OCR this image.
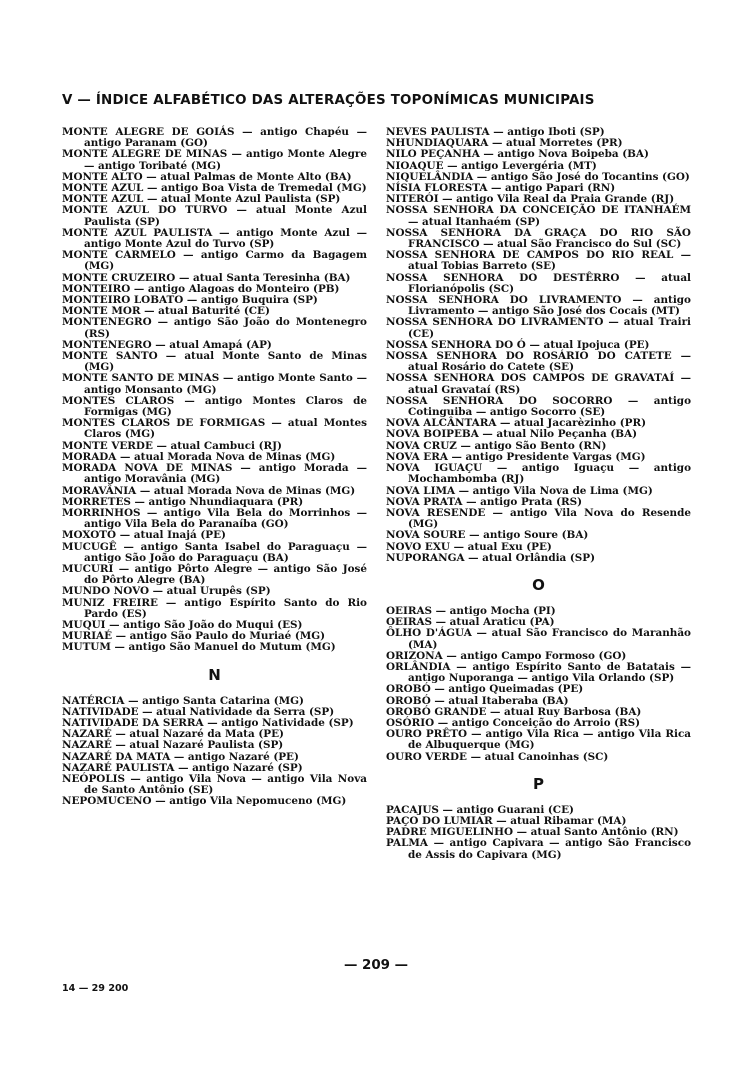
V — ÍNDICE ALFABÉTICO DAS ALTERAÇÕES TOPONÍMICAS MUNICIPAIS
MONTE ALEGRE DE GOIÁS — antigo Chapéu — antigo Paranam (GO)
MONTE ALEGRE DE MINAS — antigo Monte Alegre — antigo Toribaté (MG)
MONTE ALTO — atual Palmas de Monte Alto (BA)
MONTE AZUL — antigo Boa Vista de Tremedal (MG)
MONTE AZUL — atual Monte Azul Paulista (SP)
MONTE AZUL DO TURVO — atual Monte Azul Paulista (SP)
MONTE AZUL PAULISTA — antigo Monte Azul — antigo Monte Azul do Turvo (SP)
MONTE CARMELO — antigo Carmo da Bagagem (MG)
MONTE CRUZEIRO — atual Santa Teresinha (BA)
MONTEIRO — antigo Alagoas do Monteiro (PB)
MONTEIRO LOBATO — antigo Buquira (SP)
MONTE MOR — atual Baturité (CE)
MONTENEGRO — antigo São João do Montenegro (RS)
MONTENEGRO — atual Amapá (AP)
MONTE SANTO — atual Monte Santo de Minas (MG)
MONTE SANTO DE MINAS — antigo Monte Santo — antigo Monsanto (MG)
MONTES CLAROS — antigo Montes Claros de Formigas (MG)
MONTES CLAROS DE FORMIGAS — atual Montes Claros (MG)
MONTE VERDE — atual Cambuci (RJ)
MORADA — atual Morada Nova de Minas (MG)
MORADA NOVA DE MINAS — antigo Morada — antigo Moravânia (MG)
MORAVÂNIA — atual Morada Nova de Minas (MG)
MORRETES — antigo Nhundiaquara (PR)
MORRINHOS — antigo Vila Bela do Morrinhos — antigo Vila Bela do Paranaíba (GO)
MOXOTÓ — atual Inajá (PE)
MUCUGÊ — antigo Santa Isabel do Paraguaçu — antigo São João do Paraguaçu (BA)
MUCURI — antigo Pôrto Alegre — antigo São José do Pôrto Alegre (BA)
MUNDO NOVO — atual Urupês (SP)
MUNIZ FREIRE — antigo Espírito Santo do Rio Pardo (ES)
MUQUI — antigo São João do Muqui (ES)
MURIAÉ — antigo São Paulo do Muriaé (MG)
MUTUM — antigo São Manuel do Mutum (MG)
N
NATÉRCIA — antigo Santa Catarina (MG)
NATIVIDADE — atual Natividade da Serra (SP)
NATIVIDADE DA SERRA — antigo Natividade (SP)
NAZARÉ — atual Nazaré da Mata (PE)
NAZARÉ — atual Nazaré Paulista (SP)
NAZARÉ DA MATA — antigo Nazaré (PE)
NAZARÉ PAULISTA — antigo Nazaré (SP)
NEÓPOLIS — antigo Vila Nova — antigo Vila Nova de Santo Antônio (SE)
NEPOMUCENO — antigo Vila Nepomuceno (MG)
NEVES PAULISTA — antigo Iboti (SP)
NHUNDIAQUARA — atual Morretes (PR)
NILO PEÇANHA — antigo Nova Boipeba (BA)
NIOAQUE — antigo Levergéria (MT)
NIQUELÂNDIA — antigo São José do Tocantins (GO)
NÍSIA FLORESTA — antigo Papari (RN)
NITERÓI — antigo Vila Real da Praia Grande (RJ)
NOSSA SENHORA DA CONCEIÇÃO DE ITANHAÉM — atual Itanhaém (SP)
NOSSA SENHORA DA GRAÇA DO RIO SÃO FRANCISCO — atual São Francisco do Sul (SC)
NOSSA SENHORA DE CAMPOS DO RIO REAL — atual Tobias Barreto (SE)
NOSSA SENHORA DO DESTÊRRO — atual Florianópolis (SC)
NOSSA SENHORA DO LIVRAMENTO — antigo Livramento — antigo São José dos Cocais (MT)
NOSSA SENHORA DO LIVRAMENTO — atual Trairi (CE)
NOSSA SENHORA DO Ó — atual Ipojuca (PE)
NOSSA SENHORA DO ROSÁRIO DO CATETE — atual Rosário do Catete (SE)
NOSSA SENHORA DOS CAMPOS DE GRAVATAÍ — atual Gravataí (RS)
NOSSA SENHORA DO SOCORRO — antigo Cotinguiba — antigo Socorro (SE)
NOVA ALCÂNTARA — atual Jacarèzinho (PR)
NOVA BOIPEBA — atual Nilo Peçanha (BA)
NOVA CRUZ — antigo São Bento (RN)
NOVA ERA — antigo Presidente Vargas (MG)
NOVA IGUAÇU — antigo Iguaçu — antigo Mochambomba (RJ)
NOVA LIMA — antigo Vila Nova de Lima (MG)
NOVA PRATA — antigo Prata (RS)
NOVA RESENDE — antigo Vila Nova do Resende (MG)
NOVA SOURE — antigo Soure (BA)
NOVO EXU — atual Exu (PE)
NUPORANGA — atual Orlândia (SP)
O
OEIRAS — antigo Mocha (PI)
OEIRAS — atual Araticu (PA)
ÔLHO D'ÁGUA — atual São Francisco do Maranhão (MA)
ORIZONA — antigo Campo Formoso (GO)
ORLÂNDIA — antigo Espírito Santo de Batatais — antigo Nuporanga — antigo Vila Orlando (SP)
OROBÓ — antigo Queimadas (PE)
OROBÓ — atual Itaberaba (BA)
OROBÓ GRANDE — atual Ruy Barbosa (BA)
OSÓRIO — antigo Conceição do Arroio (RS)
OURO PRÊTO — antigo Vila Rica — antigo Vila Rica de Albuquerque (MG)
OURO VERDE — atual Canoinhas (SC)
P
PACAJUS — antigo Guarani (CE)
PAÇO DO LUMIAR — atual Ribamar (MA)
PADRE MIGUELINHO — atual Santo Antônio (RN)
PALMA — antigo Capivara — antigo São Francisco de Assis do Capivara (MG)
— 209 —
14 — 29 200
